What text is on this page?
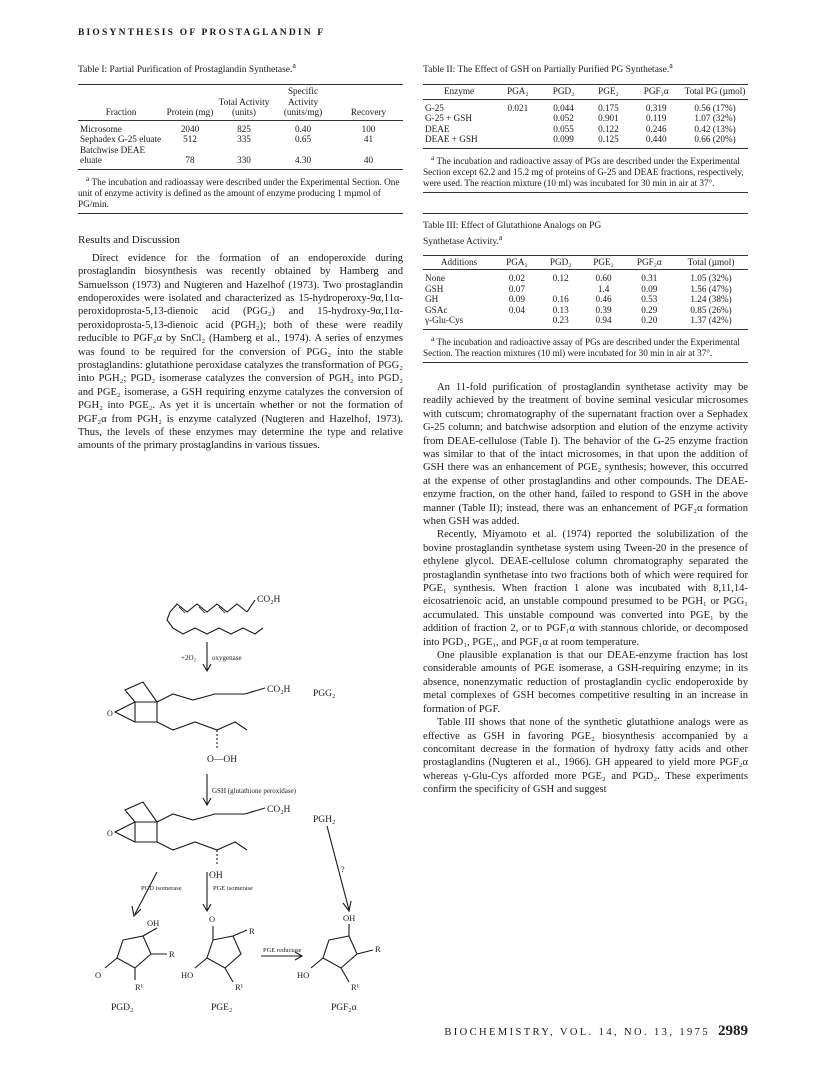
BIOSYNTHESIS OF PROSTAGLANDIN F
Table I: Partial Purification of Prostaglandin Synthetase.$^a$
Fraction	Protein (mg)	Total Activity (units)	Specific Activity (units/mg)	Recovery
Microsome	2040	825	0.40	100
Sephadex G-25 eluate	512	335	0.65	41
Batchwise DEAE eluate	78	330	4.30	40
$^a$ The incubation and radioassay were described under the Experimental Section. One unit of enzyme activity is defined as the amount of enzyme producing 1 mµmol of PG/min.
Results and Discussion

Direct evidence for the formation of an endoperoxide during prostaglandin biosynthesis was recently obtained by Hamberg and Samuelsson (1973) and Nugteren and Hazelhof (1973). Two prostaglandin endoperoxides were isolated and characterized as 15-hydroperoxy-9α,11α-peroxidoprosta-5,13-dienoic acid (PGG₂) and 15-hydroxy-9α,11α-peroxidoprosta-5,13-dienoic acid (PGH₂); both of these were readily reducible to PGF₂α by SnCl₂ (Hamberg et al., 1974). A series of enzymes was found to be required for the conversion of PGG₂ into the stable prostaglandins: glutathione peroxidase catalyzes the transformation of PGG₂ into PGH₂; PGD₂ isomerase catalyzes the conversion of PGH₂ into PGD₂ and PGE₂ isomerase, a GSH requiring enzyme catalyzes the conversion of PGH₂ into PGE₂. As yet it is uncertain whether or not the formation of PGF₂α from PGH₂ is enzyme catalyzed (Nugteren and Hazelhof, 1973). Thus, the levels of these enzymes may determine the type and relative amounts of the primary prostaglandins in various tissues.

CO₂H
+2O₂ oxygenase
CO₂H PGG₂
O
O—OH
GSH (glutathione peroxidase)
CO₂H
PGH₂
O
OH
PGD isomerase	PGE isomerase
?
PGE reductase
OH
R
O
R¹
O
R
HO
R¹
OH
R
HO
R¹
PGD₂	PGE₂	PGF₂α
Table II: The Effect of GSH on Partially Purified PG Synthetase.$^a$
Enzyme	PGA₂	PGD₂	PGE₂	PGF₂α	Total PG (µmol)
G-25	0.021	0.044	0.175	0.319	0.56 (17%)
G-25 + GSH		0.052	0.901	0.119	1.07 (32%)
DEAE		0.055	0.122	0.246	0.42 (13%)
DEAE + GSH		0.099	0.125	0.440	0.66 (20%)
$^a$ The incubation and radioactive assay of PGs are described under the Experimental Section except 62.2 and 15.2 mg of proteins of G-25 and DEAE fractions, respectively, were used. The reaction mixture (10 ml) was incubated for 30 min in air at 37°.
Table III: Effect of Glutathione Analogs on PG Synthetase Activity.$^a$
Additions	PGA₂	PGD₂	PGE₂	PGF₂α	Total (µmol)
None	0.02	0.12	0.60	0.31	1.05 (32%)
GSH	0.07		1.4	0.09	1.56 (47%)
GH	0.09	0.16	0.46	0.53	1.24 (38%)
GSAc	0.04	0.13	0.39	0.29	0.85 (26%)
γ-Glu-Cys		0.23	0.94	0.20	1.37 (42%)
$^a$ The incubation and radioactive assay of PGs are described under the Experimental Section. The reaction mixtures (10 ml) were incubated for 30 min in air at 37°.

An 11-fold purification of prostaglandin synthetase activity may be readily achieved by the treatment of bovine seminal vesicular microsomes with cutscum; chromatography of the supernatant fraction over a Sephadex G-25 column; and batchwise adsorption and elution of the enzyme activity from DEAE-cellulose (Table I). The behavior of the G-25 enzyme fraction was similar to that of the intact microsomes, in that upon the addition of GSH there was an enhancement of PGE₂ synthesis; however, this occurred at the expense of other prostaglandins and other compounds. The DEAE-enzyme fraction, on the other hand, failed to respond to GSH in the above manner (Table II); instead, there was an enhancement of PGF₂α formation when GSH was added.

Recently, Miyamoto et al. (1974) reported the solubilization of the bovine prostaglandin synthetase system using Tween-20 in the presence of ethylene glycol. DEAE-cellulose column chromatography separated the prostaglandin synthetase into two fractions both of which were required for PGE₁ synthesis. When fraction 1 alone was incubated with 8,11,14-eicosatrienoic acid, an unstable compound presumed to be PGH₁ or PGG₁ accumulated. This unstable compound was converted into PGE₁ by the addition of fraction 2, or to PGF₁α with stannous chloride, or decomposed into PGD₁, PGE₁, and PGF₁α at room temperature.

One plausible explanation is that our DEAE-enzyme fraction has lost considerable amounts of PGE isomerase, a GSH-requiring enzyme; in its absence, nonenzymatic reduction of prostaglandin cyclic endoperoxide by metal complexes of GSH becomes competitive resulting in an increase in formation of PGF.

Table III shows that none of the synthetic glutathione analogs were as effective as GSH in favoring PGE₂ biosynthesis accompanied by a concomitant decrease in the formation of hydroxy fatty acids and other prostaglandins (Nugteren et al., 1966). GH appeared to yield more PGF₂α whereas γ-Glu-Cys afforded more PGE₂ and PGD₂. These experiments confirm the specificity of GSH and suggest

BIOCHEMISTRY, VOL. 14, NO. 13, 1975 2989
